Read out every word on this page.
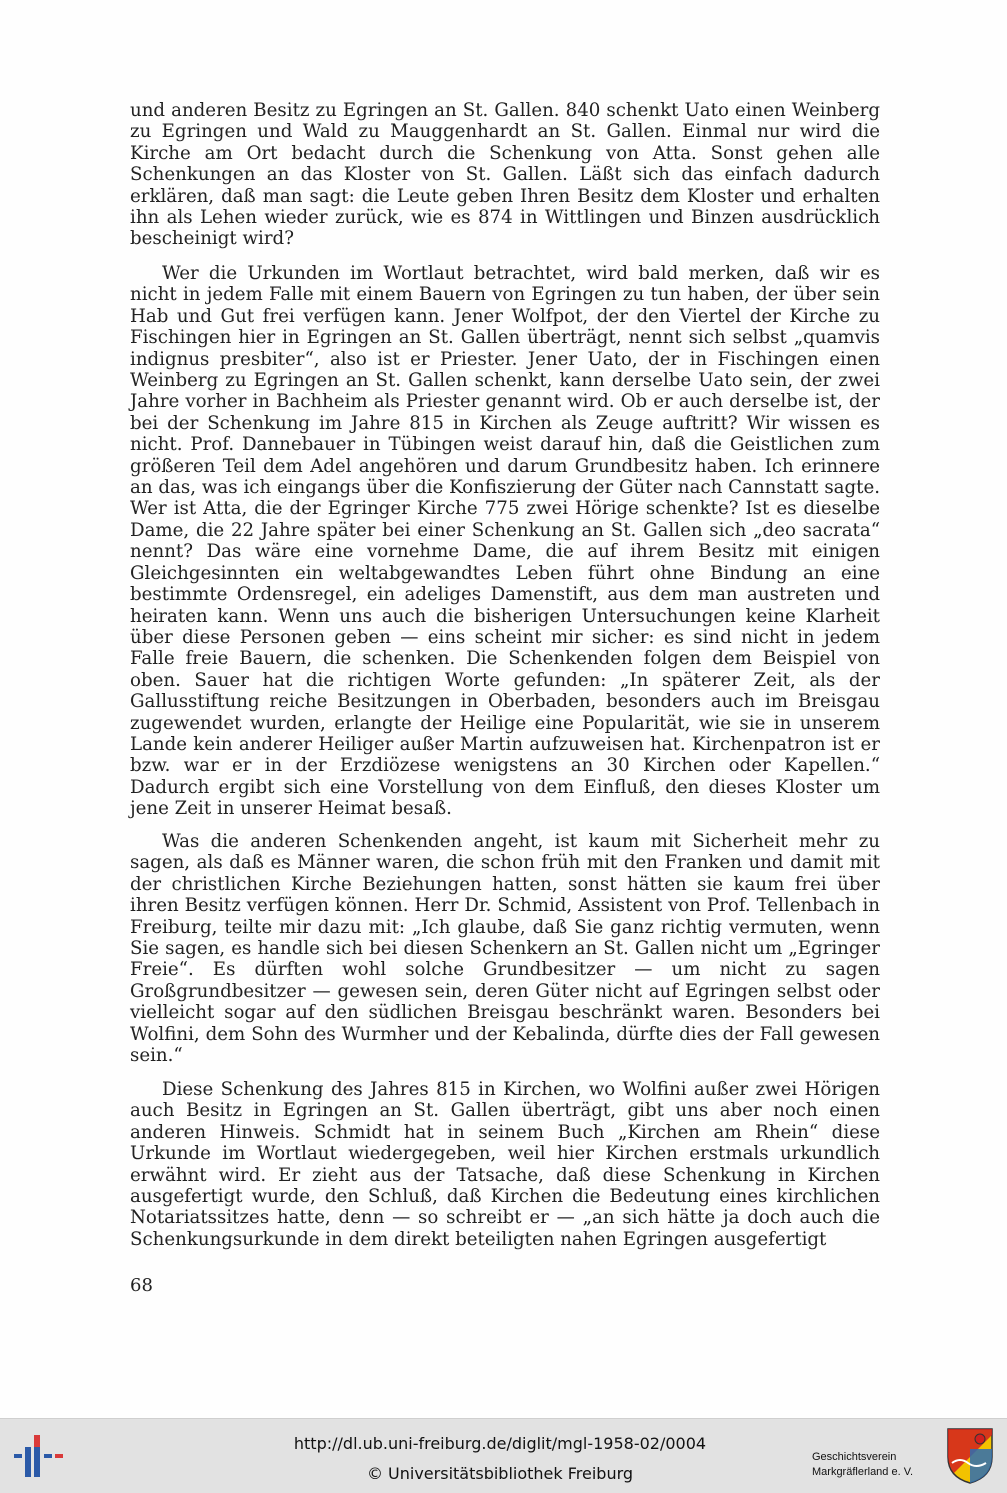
und anderen Besitz zu Egringen an St. Gallen. 840 schenkt Uato einen Weinberg zu Egringen und Wald zu Mauggenhardt an St. Gallen. Einmal nur wird die Kirche am Ort bedacht durch die Schenkung von Atta. Sonst gehen alle Schenkungen an das Kloster von St. Gallen. Läßt sich das einfach dadurch erklären, daß man sagt: die Leute geben Ihren Besitz dem Kloster und erhalten ihn als Lehen wieder zurück, wie es 874 in Wittlingen und Binzen ausdrücklich bescheinigt wird?

Wer die Urkunden im Wortlaut betrachtet, wird bald merken, daß wir es nicht in jedem Falle mit einem Bauern von Egringen zu tun haben, der über sein Hab und Gut frei verfügen kann. Jener Wolfpot, der den Viertel der Kirche zu Fischingen hier in Egringen an St. Gallen überträgt, nennt sich selbst „quamvis indignus presbiter“, also ist er Priester. Jener Uato, der in Fischingen einen Weinberg zu Egringen an St. Gallen schenkt, kann derselbe Uato sein, der zwei Jahre vorher in Bachheim als Priester genannt wird. Ob er auch derselbe ist, der bei der Schenkung im Jahre 815 in Kirchen als Zeuge auftritt? Wir wissen es nicht. Prof. Dannebauer in Tübingen weist darauf hin, daß die Geistlichen zum größeren Teil dem Adel angehören und darum Grundbesitz haben. Ich erinnere an das, was ich eingangs über die Konfiszierung der Güter nach Cannstatt sagte. Wer ist Atta, die der Egringer Kirche 775 zwei Hörige schenkte? Ist es dieselbe Dame, die 22 Jahre später bei einer Schenkung an St. Gallen sich „deo sacrata“ nennt? Das wäre eine vornehme Dame, die auf ihrem Besitz mit einigen Gleichgesinnten ein weltabgewandtes Leben führt ohne Bindung an eine bestimmte Ordensregel, ein adeliges Damenstift, aus dem man austreten und heiraten kann. Wenn uns auch die bisherigen Untersuchungen keine Klarheit über diese Personen geben — eins scheint mir sicher: es sind nicht in jedem Falle freie Bauern, die schenken. Die Schenkenden folgen dem Beispiel von oben. Sauer hat die richtigen Worte gefunden: „In späterer Zeit, als der Gallusstiftung reiche Besitzungen in Oberbaden, besonders auch im Breisgau zugewendet wurden, erlangte der Heilige eine Popularität, wie sie in unserem Lande kein anderer Heiliger außer Martin aufzuweisen hat. Kirchenpatron ist er bzw. war er in der Erzdiözese wenigstens an 30 Kirchen oder Kapellen.“ Dadurch ergibt sich eine Vorstellung von dem Einfluß, den dieses Kloster um jene Zeit in unserer Heimat besaß.

Was die anderen Schenkenden angeht, ist kaum mit Sicherheit mehr zu sagen, als daß es Männer waren, die schon früh mit den Franken und damit mit der christlichen Kirche Beziehungen hatten, sonst hätten sie kaum frei über ihren Besitz verfügen können. Herr Dr. Schmid, Assistent von Prof. Tellenbach in Freiburg, teilte mir dazu mit: „Ich glaube, daß Sie ganz richtig vermuten, wenn Sie sagen, es handle sich bei diesen Schenkern an St. Gallen nicht um „Egringer Freie“. Es dürften wohl solche Grundbesitzer — um nicht zu sagen Großgrundbesitzer — gewesen sein, deren Güter nicht auf Egringen selbst oder vielleicht sogar auf den südlichen Breisgau beschränkt waren. Besonders bei Wolfini, dem Sohn des Wurmher und der Kebalinda, dürfte dies der Fall gewesen sein.“

Diese Schenkung des Jahres 815 in Kirchen, wo Wolfini außer zwei Hörigen auch Besitz in Egringen an St. Gallen überträgt, gibt uns aber noch einen anderen Hinweis. Schmidt hat in seinem Buch „Kirchen am Rhein“ diese Urkunde im Wortlaut wiedergegeben, weil hier Kirchen erstmals urkundlich erwähnt wird. Er zieht aus der Tatsache, daß diese Schenkung in Kirchen ausgefertigt wurde, den Schluß, daß Kirchen die Bedeutung eines kirchlichen Notariatssitzes hatte, denn — so schreibt er — „an sich hätte ja doch auch die Schenkungsurkunde in dem direkt beteiligten nahen Egringen ausgefertigt

68
http://dl.ub.uni-freiburg.de/diglit/mgl-1958-02/0004
© Universitätsbibliothek Freiburg
Geschichtsverein
Markgräflerland e. V.
